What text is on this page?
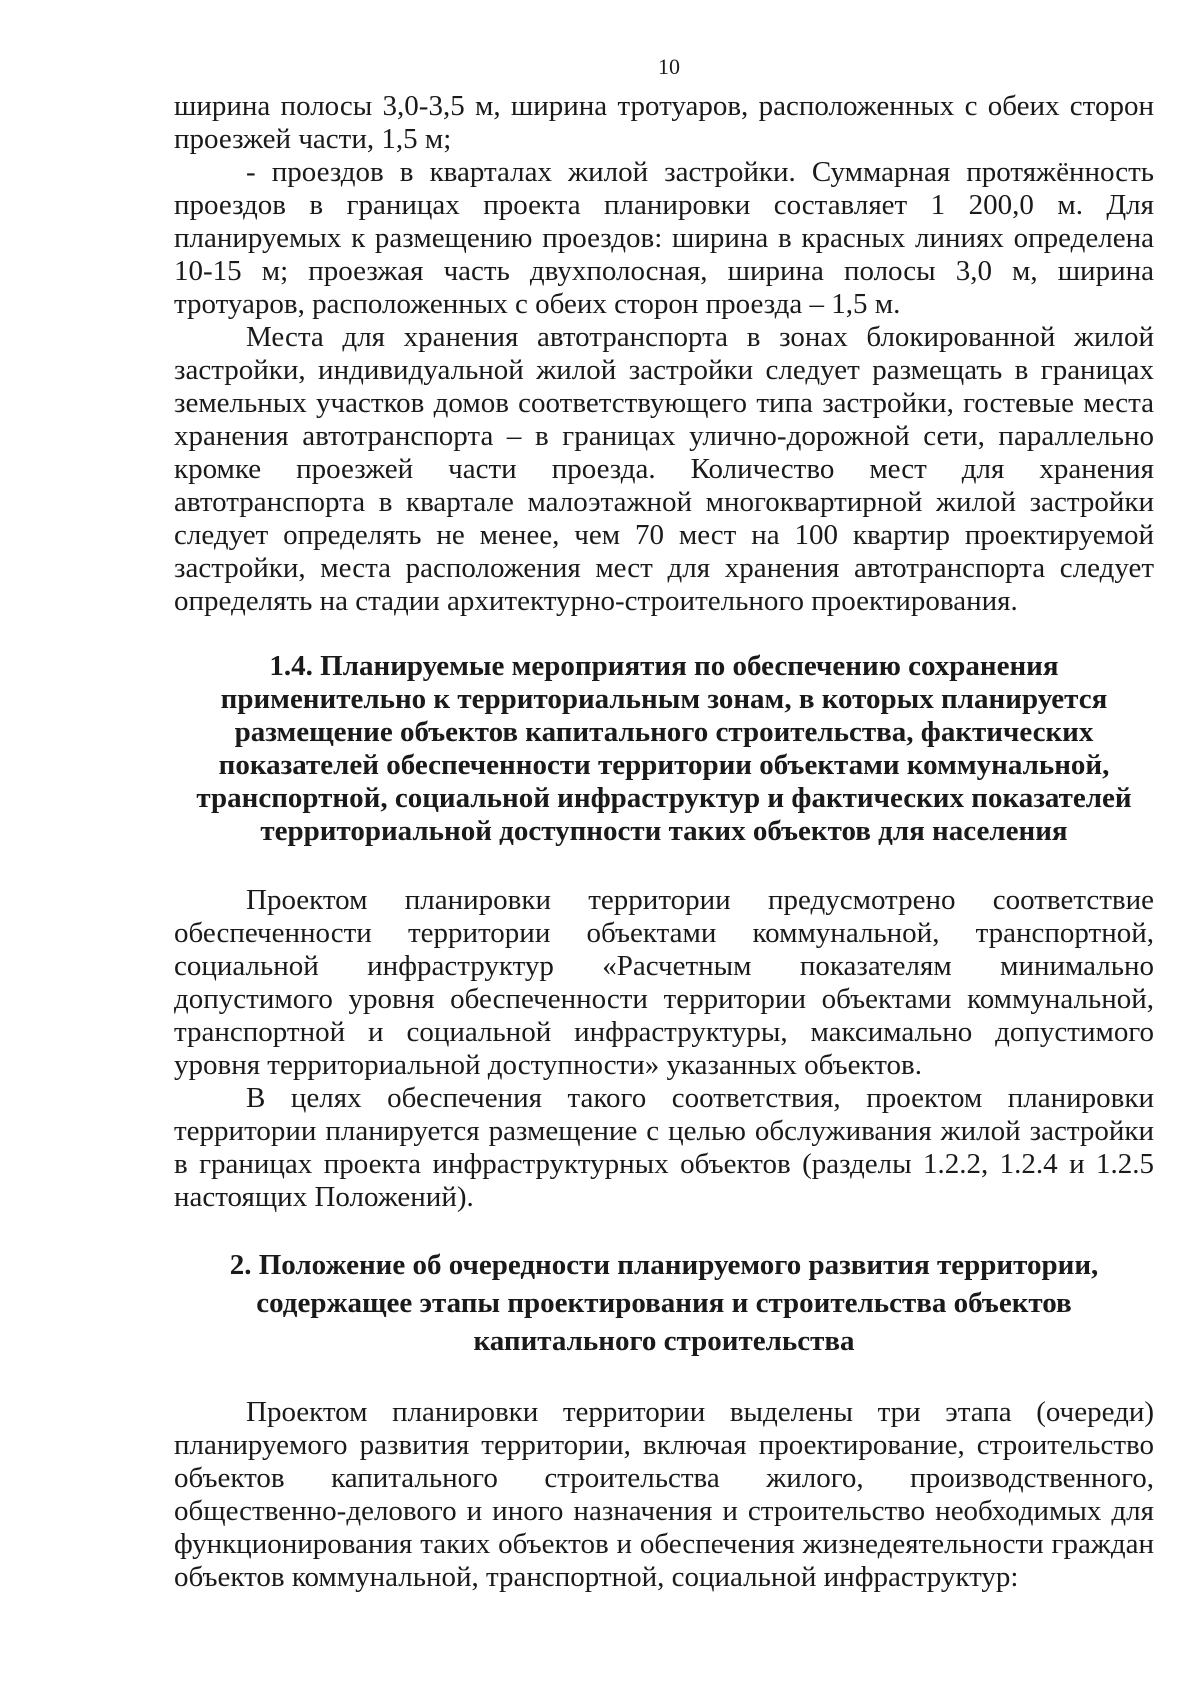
10

ширина полосы 3,0-3,5 м, ширина тротуаров, расположенных с обеих сторон проезжей части, 1,5 м;

- проездов в кварталах жилой застройки. Суммарная протяжённость проездов в границах проекта планировки составляет 1 200,0 м. Для планируемых к размещению проездов: ширина в красных линиях определена 10-15 м; проезжая часть двухполосная, ширина полосы 3,0 м, ширина тротуаров, расположенных с обеих сторон проезда – 1,5 м.

Места для хранения автотранспорта в зонах блокированной жилой застройки, индивидуальной жилой застройки следует размещать в границах земельных участков домов соответствующего типа застройки, гостевые места хранения автотранспорта – в границах улично-дорожной сети, параллельно кромке проезжей части проезда. Количество мест для хранения автотранспорта в квартале малоэтажной многоквартирной жилой застройки следует определять не менее, чем 70 мест на 100 квартир проектируемой застройки, места расположения мест для хранения автотранспорта следует определять на стадии архитектурно-строительного проектирования.

1.4. Планируемые мероприятия по обеспечению сохранения
применительно к территориальным зонам, в которых планируется
размещение объектов капитального строительства, фактических
показателей обеспеченности территории объектами коммунальной,
транспортной, социальной инфраструктур и фактических показателей
территориальной доступности таких объектов для населения

Проектом планировки территории предусмотрено соответствие обеспеченности территории объектами коммунальной, транспортной, социальной инфраструктур «Расчетным показателям минимально допустимого уровня обеспеченности территории объектами коммунальной, транспортной и социальной инфраструктуры, максимально допустимого уровня территориальной доступности» указанных объектов.

В целях обеспечения такого соответствия, проектом планировки территории планируется размещение с целью обслуживания жилой застройки в границах проекта инфраструктурных объектов (разделы 1.2.2, 1.2.4 и 1.2.5 настоящих Положений).

2. Положение об очередности планируемого развития территории,
содержащее этапы проектирования и строительства объектов
капитального строительства

Проектом планировки территории выделены три этапа (очереди) планируемого развития территории, включая проектирование, строительство объектов капитального строительства жилого, производственного, общественно-делового и иного назначения и строительство необходимых для функционирования таких объектов и обеспечения жизнедеятельности граждан объектов коммунальной, транспортной, социальной инфраструктур:
